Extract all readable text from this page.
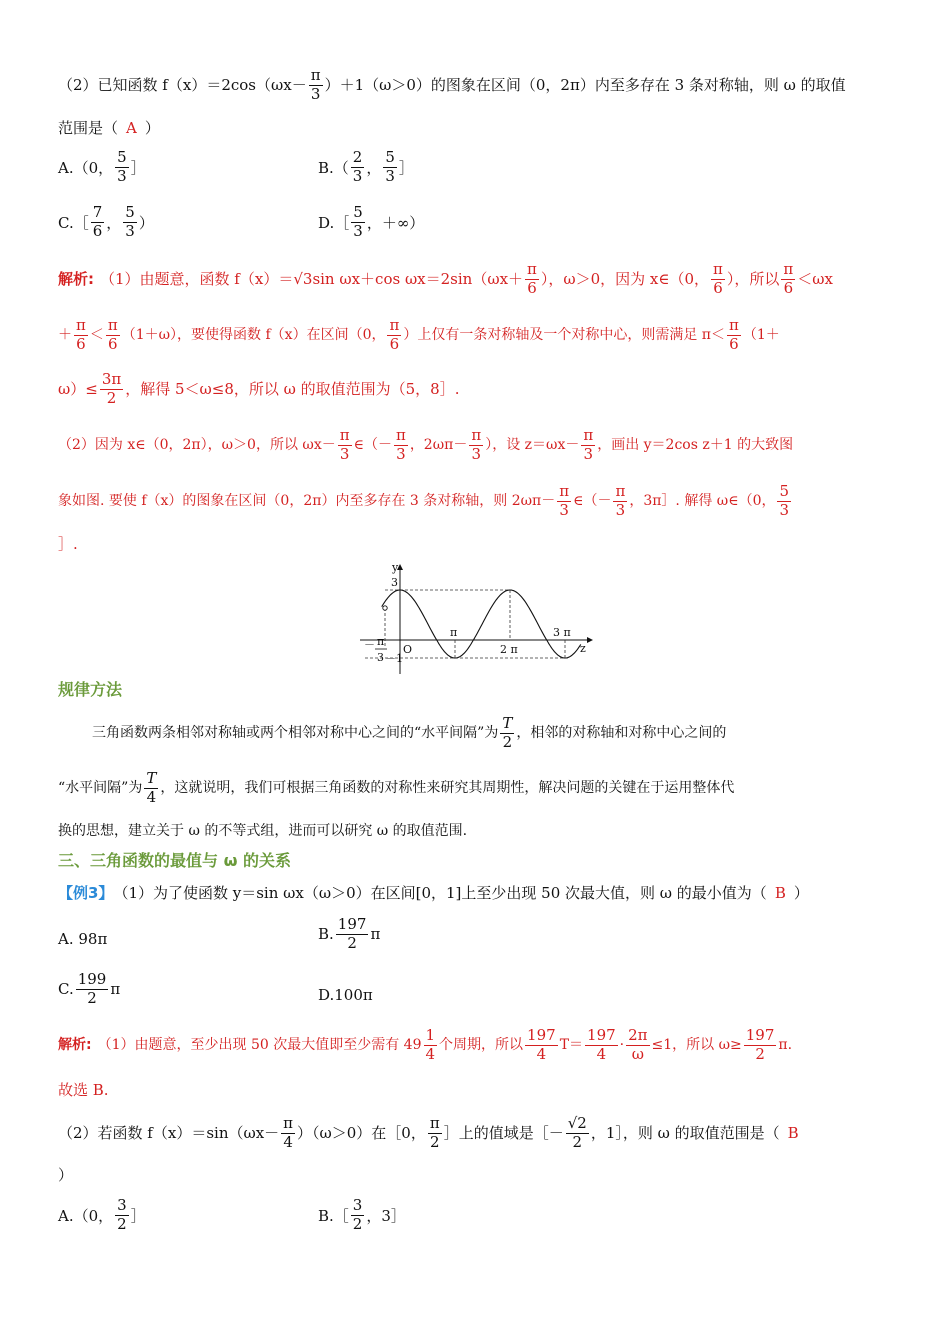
（2）已知函数 $f(x)=2\cos(\omega x- \frac{\pi}{3} )+1(\omega>0)$的图象在区间（0，2π）内至多存在 3 条对称轴，则 ω 的取值
范围是（ A ）
A.（0， $\frac{5}{3}$ ］	$B.( \frac{2}{3}$ ， $\frac{5}{3}$ ］
C.［ $\frac{7}{6}$ ， $\frac{5}{3}$ ）	D.［ $\frac{5}{3}$ ，＋∞）
解析: （1）由题意，函数 f（x）＝ √3 sin ωx＋cos $\omega x=2\sin(\omega x+ \frac{\pi}{6}$ ），ω＞0，因为 x∈（0， $\frac{\pi}{6}$ ），所以 $\frac{\pi}{6} <\omega x$
＋ $\frac{\pi}{6} < \frac{\pi}{6} (1+\omega)$，要使得函数 f（x）在区间（0， $\frac{\pi}{6}$ ）上仅有一条对称轴及一个对称中心，则需满足 $\pi< \frac{\pi}{6} (1+$
$\omega)\le \frac{3\pi}{2}$ ，解得 5＜ω≤8，所以 ω 的取值范围为（5，8］.
（2）因为 x∈（0，2π），ω＞0，所以 $\omega x- \frac{\pi}{3}$ ∈（－ $\frac{\pi}{3}$ ，$2\omega\pi- \frac{\pi}{3}$ ），设 $z=\omega x- \frac{\pi}{3}$ ，画出 y＝2cos z＋1 的大致图
象如图. 要使 f（x）的图象在区间（0，2π）内至多存在 3 条对称轴，则 $2\omega\pi- \frac{\pi}{3}$ ∈（－ $\frac{\pi}{3}$ ，3π］. 解得 ω∈（0， $\frac{5}{3}$
］.
y
3
O	z
π
2 π
3 π
－ π
3 －1
规律方法
三角函数两条相邻对称轴或两个相邻对称中心之间的“水平间隔”为 $\frac{T}{2}$ ，相邻的对称轴和对称中心之间的
“水平间隔”为 $\frac{T}{4}$ ，这就说明，我们可根据三角函数的对称性来研究其周期性，解决问题的关键在于运用整体代
换的思想，建立关于 ω 的不等式组，进而可以研究 ω 的取值范围.
三、三角函数的最值与 ω 的关系
【例3】 （1）为了使函数 y＝sin ωx（ω＞0）在区间[0，1]上至少出现 50 次最大值，则 ω 的最小值为（ B ）
A. 98π	B. $\frac{197}{2}$ π
C. $\frac{199}{2}$ π	D.100π
解析: （1）由题意，至少出现 50 次最大值即至少需有 $49 \frac{1}{4}$ 个周期，所以 $\frac{197}{4} T= \frac{197}{4} \cdot \frac{2\pi}{\omega} \le 1$，所以 $\omega\ge \frac{197}{2} \pi$.
故选 B.
（2）若函数 $f(x)=\sin(\omega x- \frac{\pi}{4} )(\omega>0)$在［0， $\frac{\pi}{2}$ ］上的值域是［－ $\frac{√2}{2}$ ，1］，则 ω 的取值范围是（ B
）
A.（0， $\frac{3}{2}$ ］	B.［ $\frac{3}{2}$ ，3］
